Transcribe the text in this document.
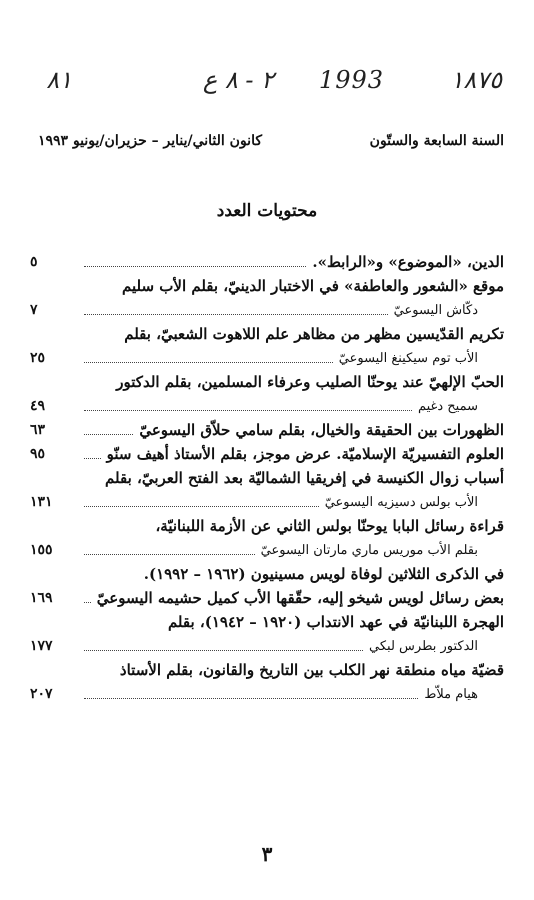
١٨٧٥
1993
٢ - ٨ ع
٨١
السنة السابعة والستّون
كانون الثاني/يناير – حزيران/يونيو ١٩٩٣
محتويات العدد
الدين، «الموضوع» و«الرابط».
٥
موقع «الشعور والعاطفة» في الاختبار الدينيّ، بقلم الأب سليم
دكّاش اليسوعيّ
٧
تكريم القدّيسين مظهر من مظاهر علم اللاهوت الشعبيّ، بقلم
الأب توم سيكينغ اليسوعيّ
٢٥
الحبّ الإلهيّ عند يوحنّا الصليب وعرفاء المسلمين، بقلم الدكتور
سميح دغيم
٤٩
الظهورات بين الحقيقة والخيال، بقلم سامي حلاّق اليسوعيّ
٦٣
العلوم التفسيريّة الإسلاميّة. عرض موجز، بقلم الأستاذ أهيف سنّو
٩٥
أسباب زوال الكنيسة في إفريقيا الشماليّة بعد الفتح العربيّ، بقلم
الأب بولس دسيزيه اليسوعيّ
١٣١
قراءة رسائل البابا يوحنّا بولس الثاني عن الأزمة اللبنانيّة،
بقلم الأب موريس ماري مارتان اليسوعيّ
١٥٥
في الذكرى الثلاثين لوفاة لويس مسينيون (١٩٦٢ – ١٩٩٢).
بعض رسائل لويس شيخو إليه، حقّقها الأب كميل حشيمه اليسوعيّ
١٦٩
الهجرة اللبنانيّة في عهد الانتداب (١٩٢٠ – ١٩٤٢)، بقلم
الدكتور بطرس لبكي
١٧٧
قضيّة مياه منطقة نهر الكلب بين التاريخ والقانون، بقلم الأستاذ
هيام ملاّط
٢٠٧
٣
